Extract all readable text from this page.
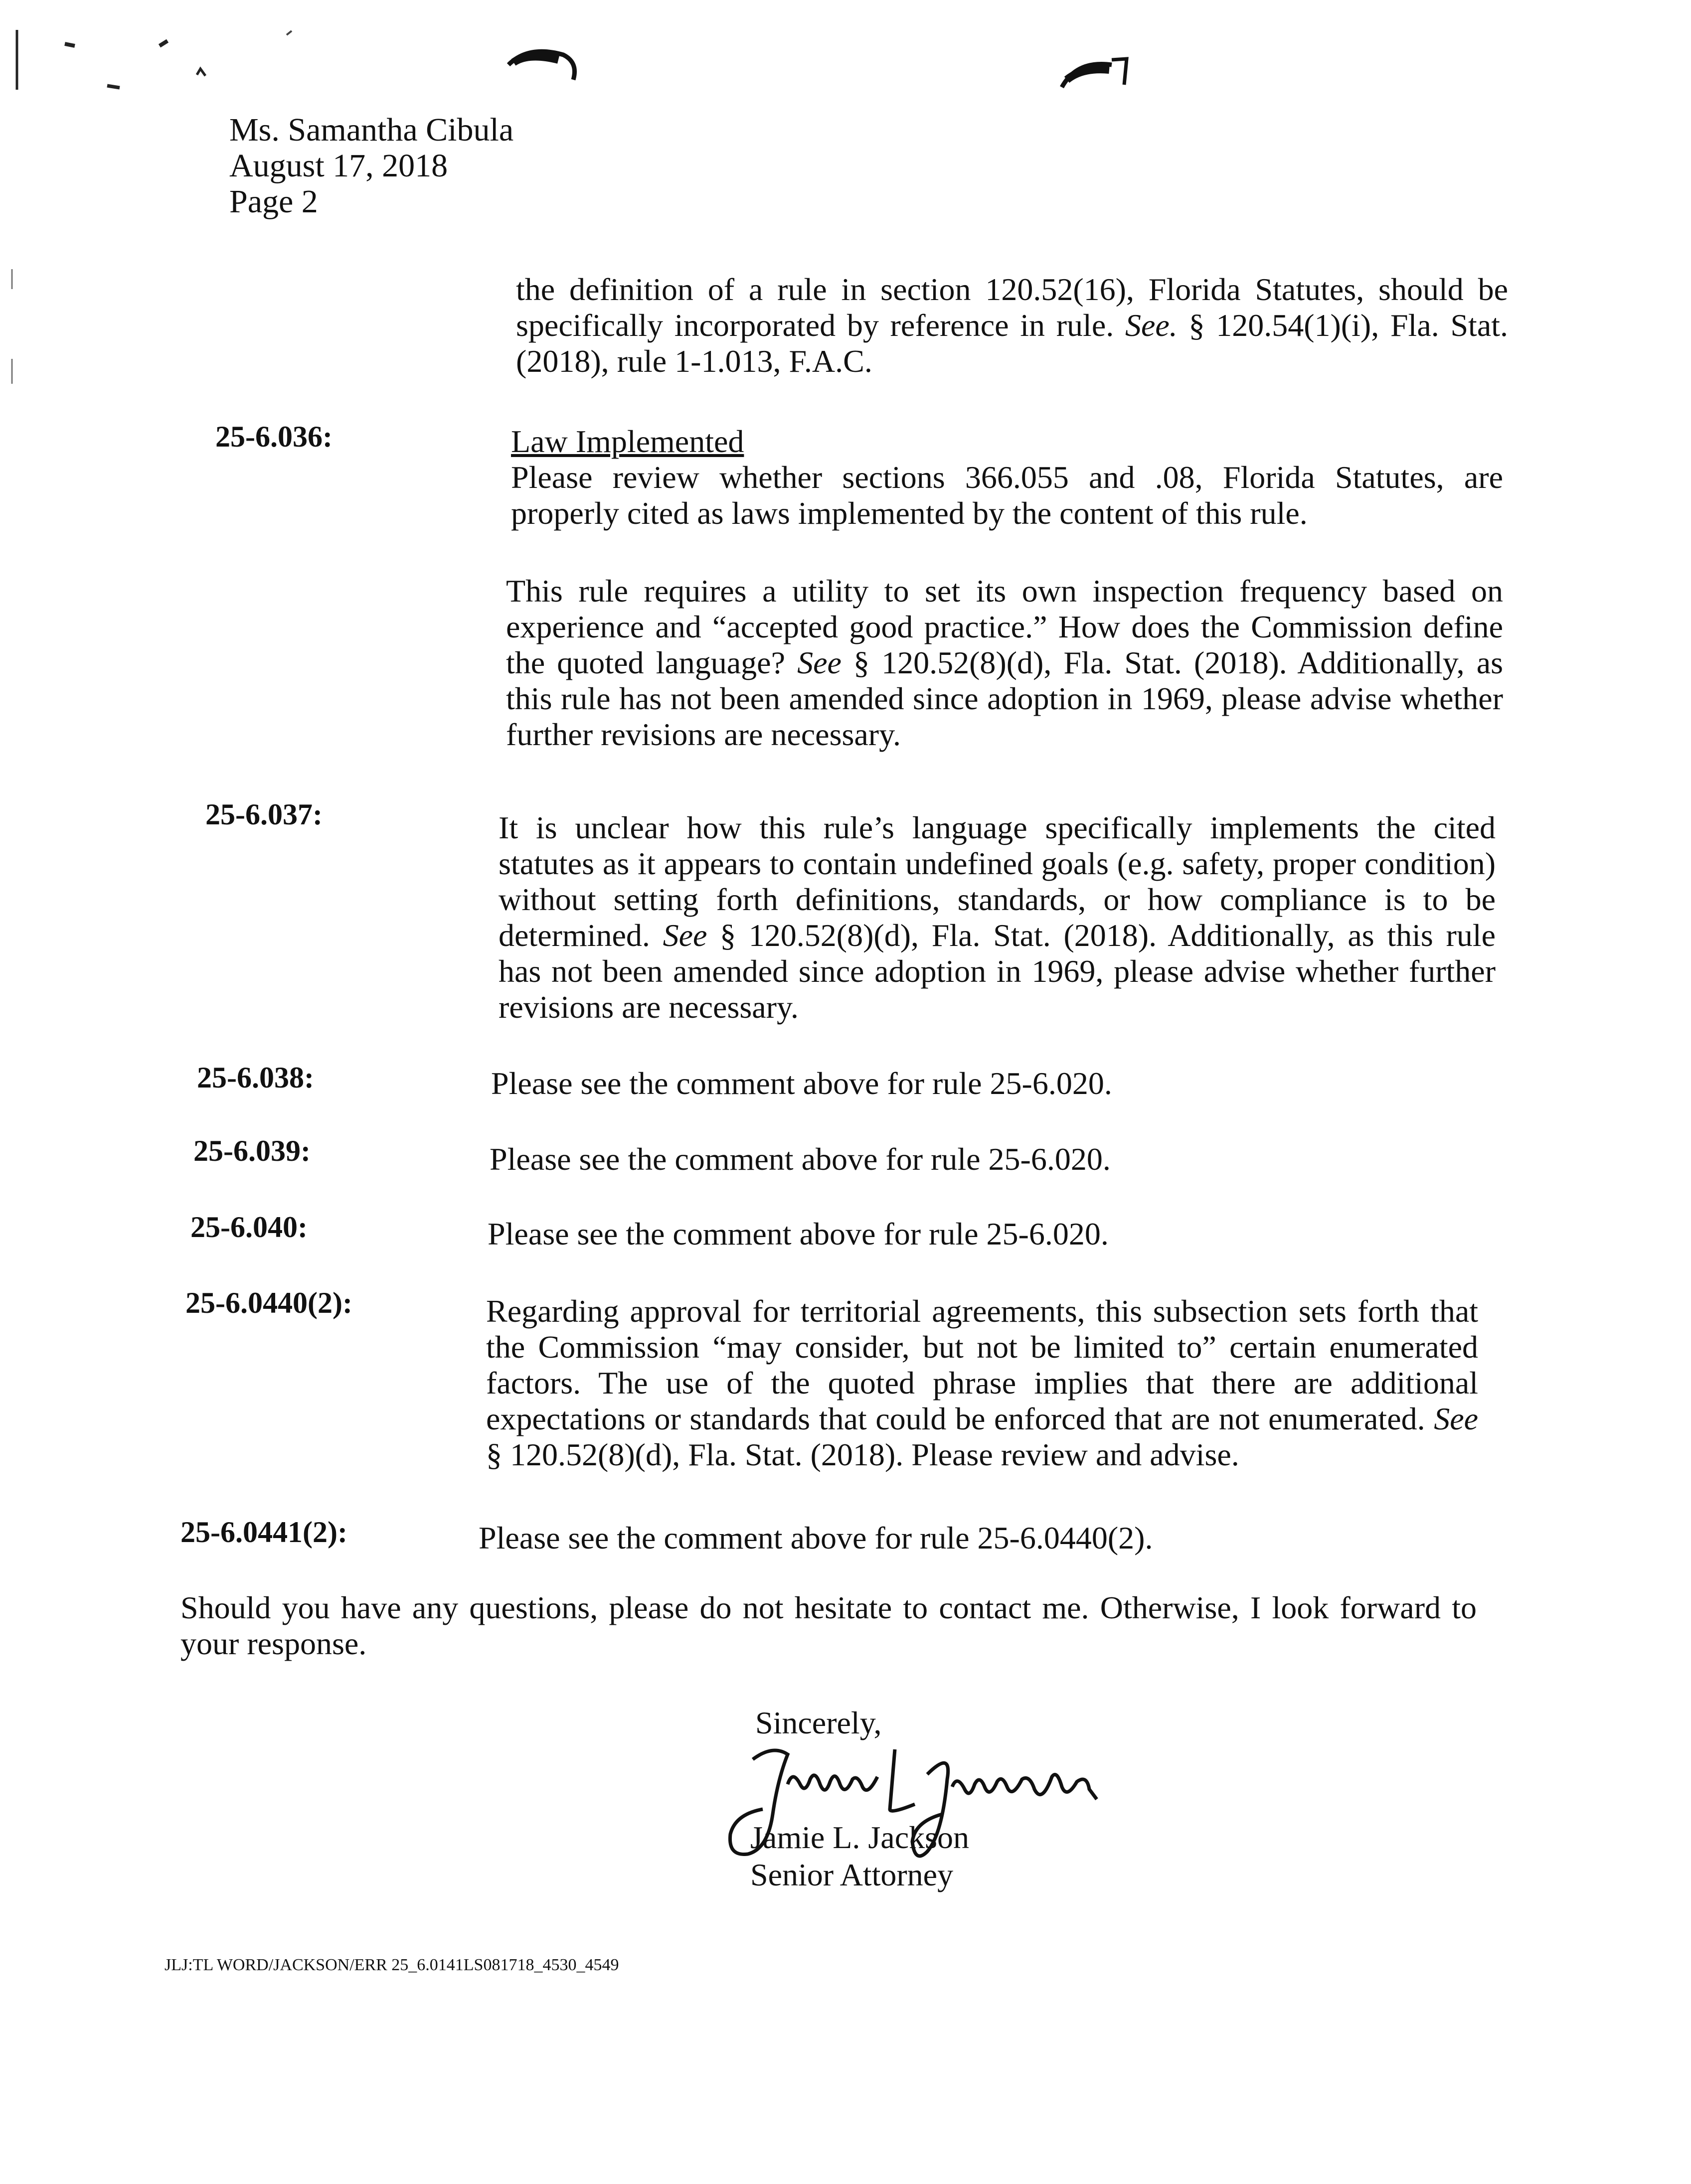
Ms. Samantha Cibula
August 17, 2018
Page 2
the definition of a rule in section 120.52(16), Florida Statutes, should be specifically incorporated by reference in rule. See. § 120.54(1)(i), Fla. Stat. (2018), rule 1-1.013, F.A.C.
25-6.036:	Law Implemented
Please review whether sections 366.055 and .08, Florida Statutes, are properly cited as laws implemented by the content of this rule.
This rule requires a utility to set its own inspection frequency based on experience and “accepted good practice.” How does the Commission define the quoted language? See § 120.52(8)(d), Fla. Stat. (2018). Additionally, as this rule has not been amended since adoption in 1969, please advise whether further revisions are necessary.
25-6.037:	It is unclear how this rule’s language specifically implements the cited statutes as it appears to contain undefined goals (e.g. safety, proper condition) without setting forth definitions, standards, or how compliance is to be determined. See § 120.52(8)(d), Fla. Stat. (2018). Additionally, as this rule has not been amended since adoption in 1969, please advise whether further revisions are necessary.
25-6.038:	Please see the comment above for rule 25-6.020.
25-6.039:	Please see the comment above for rule 25-6.020.
25-6.040:	Please see the comment above for rule 25-6.020.
25-6.0440(2):	Regarding approval for territorial agreements, this subsection sets forth that the Commission “may consider, but not be limited to” certain enumerated factors. The use of the quoted phrase implies that there are additional expectations or standards that could be enforced that are not enumerated. See § 120.52(8)(d), Fla. Stat. (2018). Please review and advise.
25-6.0441(2):	Please see the comment above for rule 25-6.0440(2).
Should you have any questions, please do not hesitate to contact me. Otherwise, I look forward to your response.
Sincerely,
Jamie L. Jackson
Senior Attorney
JLJ:TL WORD/JACKSON/ERR 25_6.0141LS081718_4530_4549
